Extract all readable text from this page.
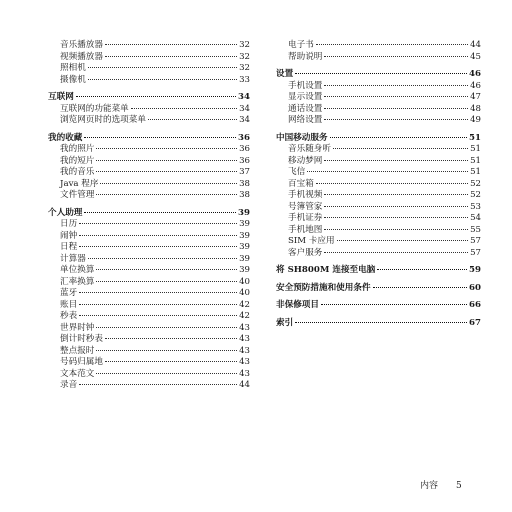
音乐播放器	32
视频播放器	32
照相机	32
摄像机	33
互联网	34
互联网的功能菜单	34
浏览网页时的选项菜单	34
我的收藏	36
我的照片	36
我的短片	36
我的音乐	37
Java 程序	38
文件管理	38
个人助理	39
日历	39
闹钟	39
日程	39
计算器	39
单位换算	39
汇率换算	40
蓝牙	40
账目	42
秒表	42
世界时钟	43
倒计时秒表	43
整点报时	43
号码归属地	43
文本范文	43
录音	44
电子书	44
帮助说明	45
设置	46
手机设置	46
显示设置	47
通话设置	48
网络设置	49
中国移动服务	51
音乐随身听	51
移动梦网	51
飞信	51
百宝箱	52
手机视频	52
号簿管家	53
手机证券	54
手机地图	55
SIM 卡应用	57
客户服务	57
将 SH800M 连接至电脑	59
安全预防措施和使用条件	60
非保修项目	66
索引	67
内容 5
